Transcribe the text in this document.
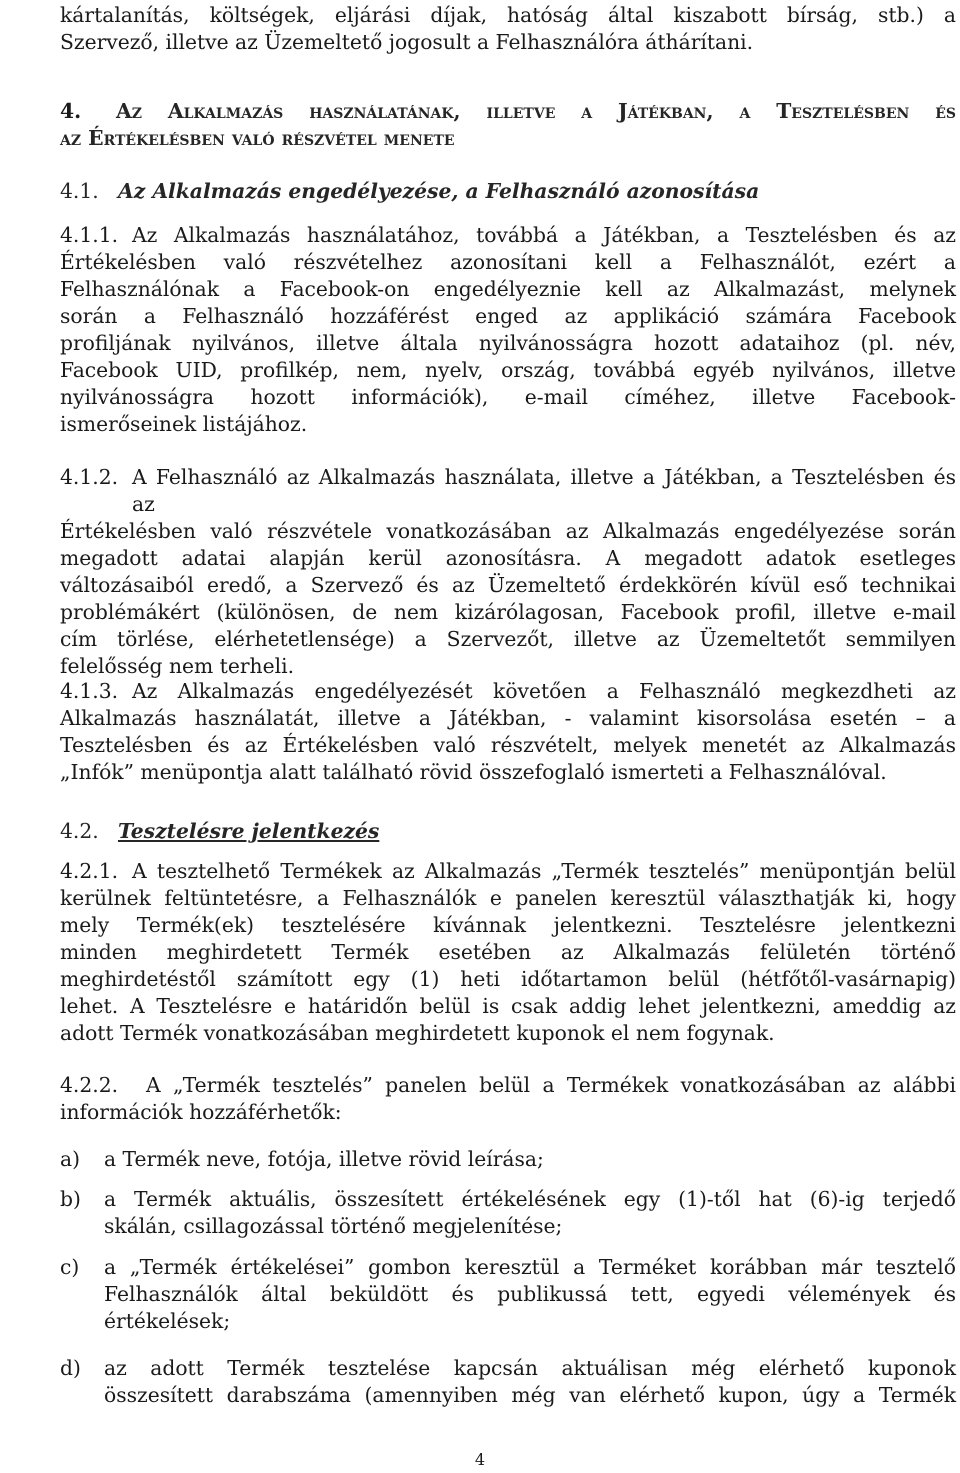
kártalanítás, költségek, eljárási díjak, hatóság által kiszabott bírság, stb.) a
Szervező, illetve az Üzemeltető jogosult a Felhasználóra áthárítani.
4.	Az Alkalmazás használatának, illetve a Játékban, a Tesztelésben és
az Értékelésben való részvétel menete
4.1. Az Alkalmazás engedélyezése, a Felhasználó azonosítása
4.1.1. Az Alkalmazás használatához, továbbá a Játékban, a Tesztelésben és az
Értékelésben való részvételhez azonosítani kell a Felhasználót, ezért a
Felhasználónak a Facebook-on engedélyeznie kell az Alkalmazást, melynek
során a Felhasználó hozzáférést enged az applikáció számára Facebook
profiljának nyilvános, illetve általa nyilvánosságra hozott adataihoz (pl. név,
Facebook UID, profilkép, nem, nyelv, ország, továbbá egyéb nyilvános, illetve
nyilvánosságra hozott információk), e-mail címéhez, illetve Facebook-
ismerőseinek listájához.
4.1.2. A Felhasználó az Alkalmazás használata, illetve a Játékban, a Tesztelésben és az
Értékelésben való részvétele vonatkozásában az Alkalmazás engedélyezése során
megadott adatai alapján kerül azonosításra. A megadott adatok esetleges
változásaiból eredő, a Szervező és az Üzemeltető érdekkörén kívül eső technikai
problémákért (különösen, de nem kizárólagosan, Facebook profil, illetve e-mail
cím törlése, elérhetetlensége) a Szervezőt, illetve az Üzemeltetőt semmilyen
felelősség nem terheli.
4.1.3. Az Alkalmazás engedélyezését követően a Felhasználó megkezdheti az
Alkalmazás használatát, illetve a Játékban, - valamint kisorsolása esetén – a
Tesztelésben és az Értékelésben való részvételt, melyek menetét az Alkalmazás
„Infók” menüpontja alatt található rövid összefoglaló ismerteti a Felhasználóval.
4.2. Tesztelésre jelentkezés
4.2.1. A tesztelhető Termékek az Alkalmazás „Termék tesztelés” menüpontján belül
kerülnek feltüntetésre, a Felhasználók e panelen keresztül választhatják ki, hogy
mely Termék(ek) tesztelésére kívánnak jelentkezni. Tesztelésre jelentkezni
minden meghirdetett Termék esetében az Alkalmazás felületén történő
meghirdetéstől számított egy (1) heti időtartamon belül (hétfőtől-vasárnapig)
lehet. A Tesztelésre e határidőn belül is csak addig lehet jelentkezni, ameddig az
adott Termék vonatkozásában meghirdetett kuponok el nem fogynak.
4.2.2.	A „Termék tesztelés” panelen belül a Termékek vonatkozásában az alábbi
információk hozzáférhetők:
a)	a Termék neve, fotója, illetve rövid leírása;
b)	a Termék aktuális, összesített értékelésének egy (1)-től hat (6)-ig terjedő
skálán, csillagozással történő megjelenítése;
c)	a „Termék értékelései” gombon keresztül a Terméket korábban már tesztelő
Felhasználók által beküldött és publikussá tett, egyedi vélemények és
értékelések;
d)	az adott Termék tesztelése kapcsán aktuálisan még elérhető kuponok
összesített darabszáma (amennyiben még van elérhető kupon, úgy a Termék
4
